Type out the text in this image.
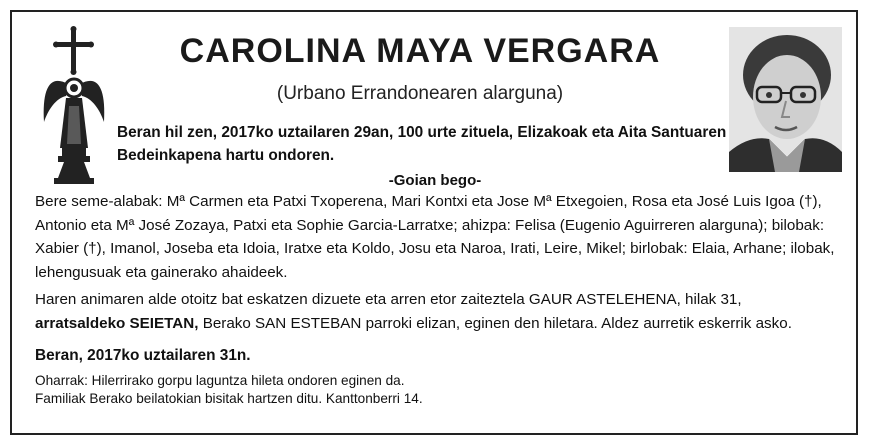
CAROLINA MAYA VERGARA
(Urbano Errandonearen alarguna)
Beran hil zen, 2017ko uztailaren 29an, 100 urte zituela, Elizakoak eta Aita Santuaren Bedeinkapena hartu ondoren.
-Goian bego-
Bere seme-alabak: Mª Carmen eta Patxi Txoperena, Mari Kontxi eta Jose Mª Etxegoien, Rosa eta José Luis Igoa (†), Antonio eta Mª José Zozaya, Patxi eta Sophie Garcia-Larratxe; ahizpa: Felisa (Eugenio Aguirreren alarguna); bilobak: Xabier (†), Imanol, Joseba eta Idoia, Iratxe eta Koldo, Josu eta Naroa, Irati, Leire, Mikel; birlobak: Elaia, Arhane; ilobak, lehengusuak eta gainerako ahaideek.
Haren animaren alde otoitz bat eskatzen dizuete eta arren etor zaiteztela GAUR ASTELEHENA, hilak 31, arratsaldeko SEIETAN, Berako SAN ESTEBAN parroki elizan, eginen den hiletara. Aldez aurretik eskerrik asko.
Beran, 2017ko uztailaren 31n.
Oharrak: Hilerrirako gorpu laguntza hileta ondoren eginen da.
Familiak Berako beilatokian bisitak hartzen ditu. Kanttonberri 14.
